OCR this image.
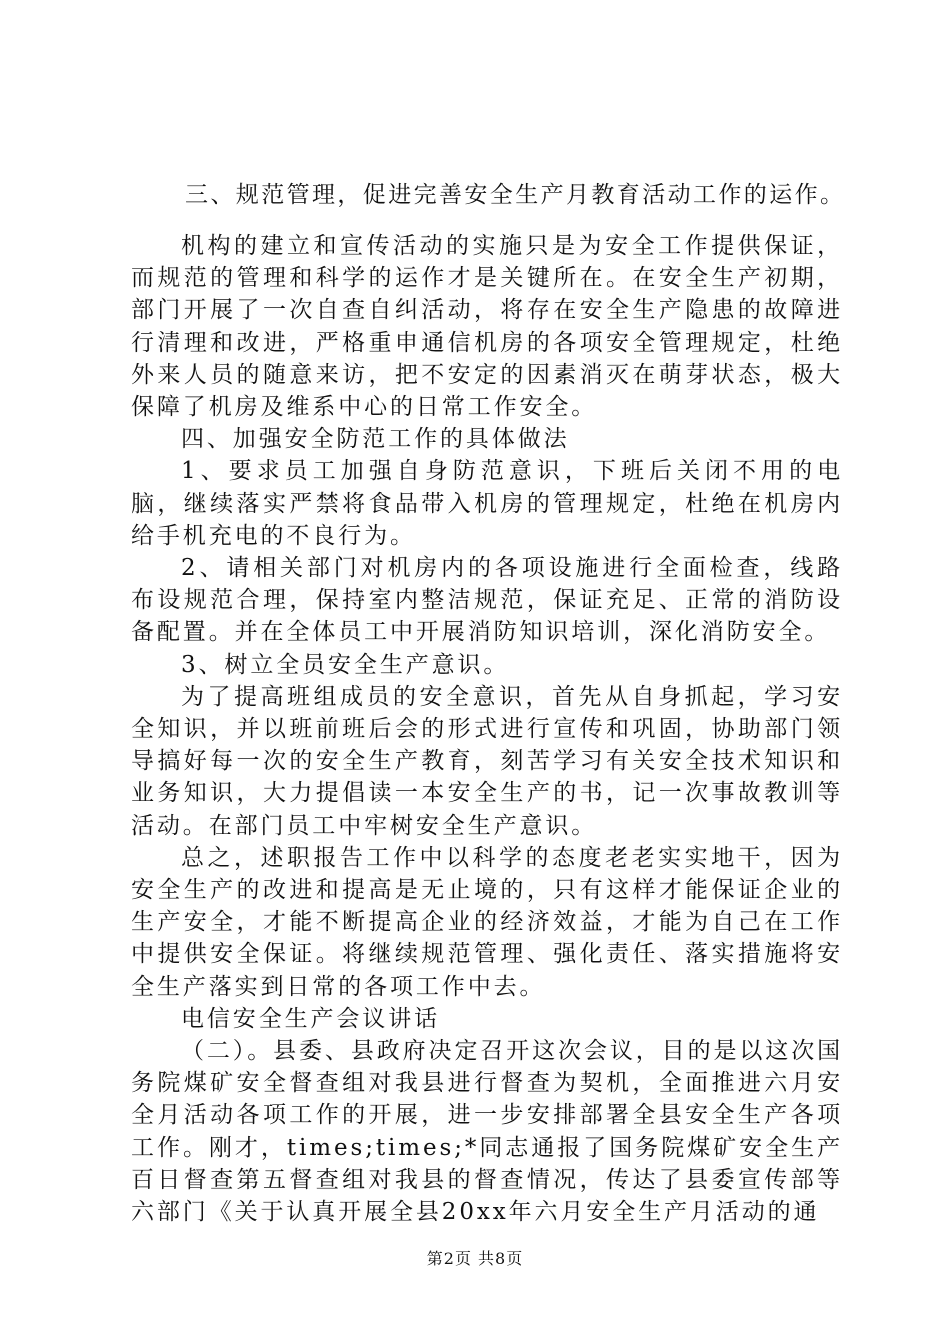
三、规范管理，促进完善安全生产月教育活动工作的运作。

机构的建立和宣传活动的实施只是为安全工作提供保证，而规范的管理和科学的运作才是关键所在。在安全生产初期，部门开展了一次自查自纠活动，将存在安全生产隐患的故障进行清理和改进，严格重申通信机房的各项安全管理规定，杜绝外来人员的随意来访，把不安定的因素消灭在萌芽状态，极大保障了机房及维系中心的日常工作安全。

四、加强安全防范工作的具体做法

1、要求员工加强自身防范意识，下班后关闭不用的电脑，继续落实严禁将食品带入机房的管理规定，杜绝在机房内给手机充电的不良行为。

2、请相关部门对机房内的各项设施进行全面检查，线路布设规范合理，保持室内整洁规范，保证充足、正常的消防设备配置。并在全体员工中开展消防知识培训，深化消防安全。

3、树立全员安全生产意识。

为了提高班组成员的安全意识，首先从自身抓起，学习安全知识，并以班前班后会的形式进行宣传和巩固，协助部门领导搞好每一次的安全生产教育，刻苦学习有关安全技术知识和业务知识，大力提倡读一本安全生产的书，记一次事故教训等活动。在部门员工中牢树安全生产意识。

总之，述职报告工作中以科学的态度老老实实地干，因为安全生产的改进和提高是无止境的，只有这样才能保证企业的生产安全，才能不断提高企业的经济效益，才能为自己在工作中提供安全保证。将继续规范管理、强化责任、落实措施将安全生产落实到日常的各项工作中去。

电信安全生产会议讲话

（二）。县委、县政府决定召开这次会议，目的是以这次国务院煤矿安全督查组对我县进行督查为契机，全面推进六月安全月活动各项工作的开展，进一步安排部署全县安全生产各项工作。刚才，times;times;*同志通报了国务院煤矿安全生产百日督查第五督查组对我县的督查情况，传达了县委宣传部等六部门《关于认真开展全县20xx年六月安全生产月活动的通

第2页 共8页
